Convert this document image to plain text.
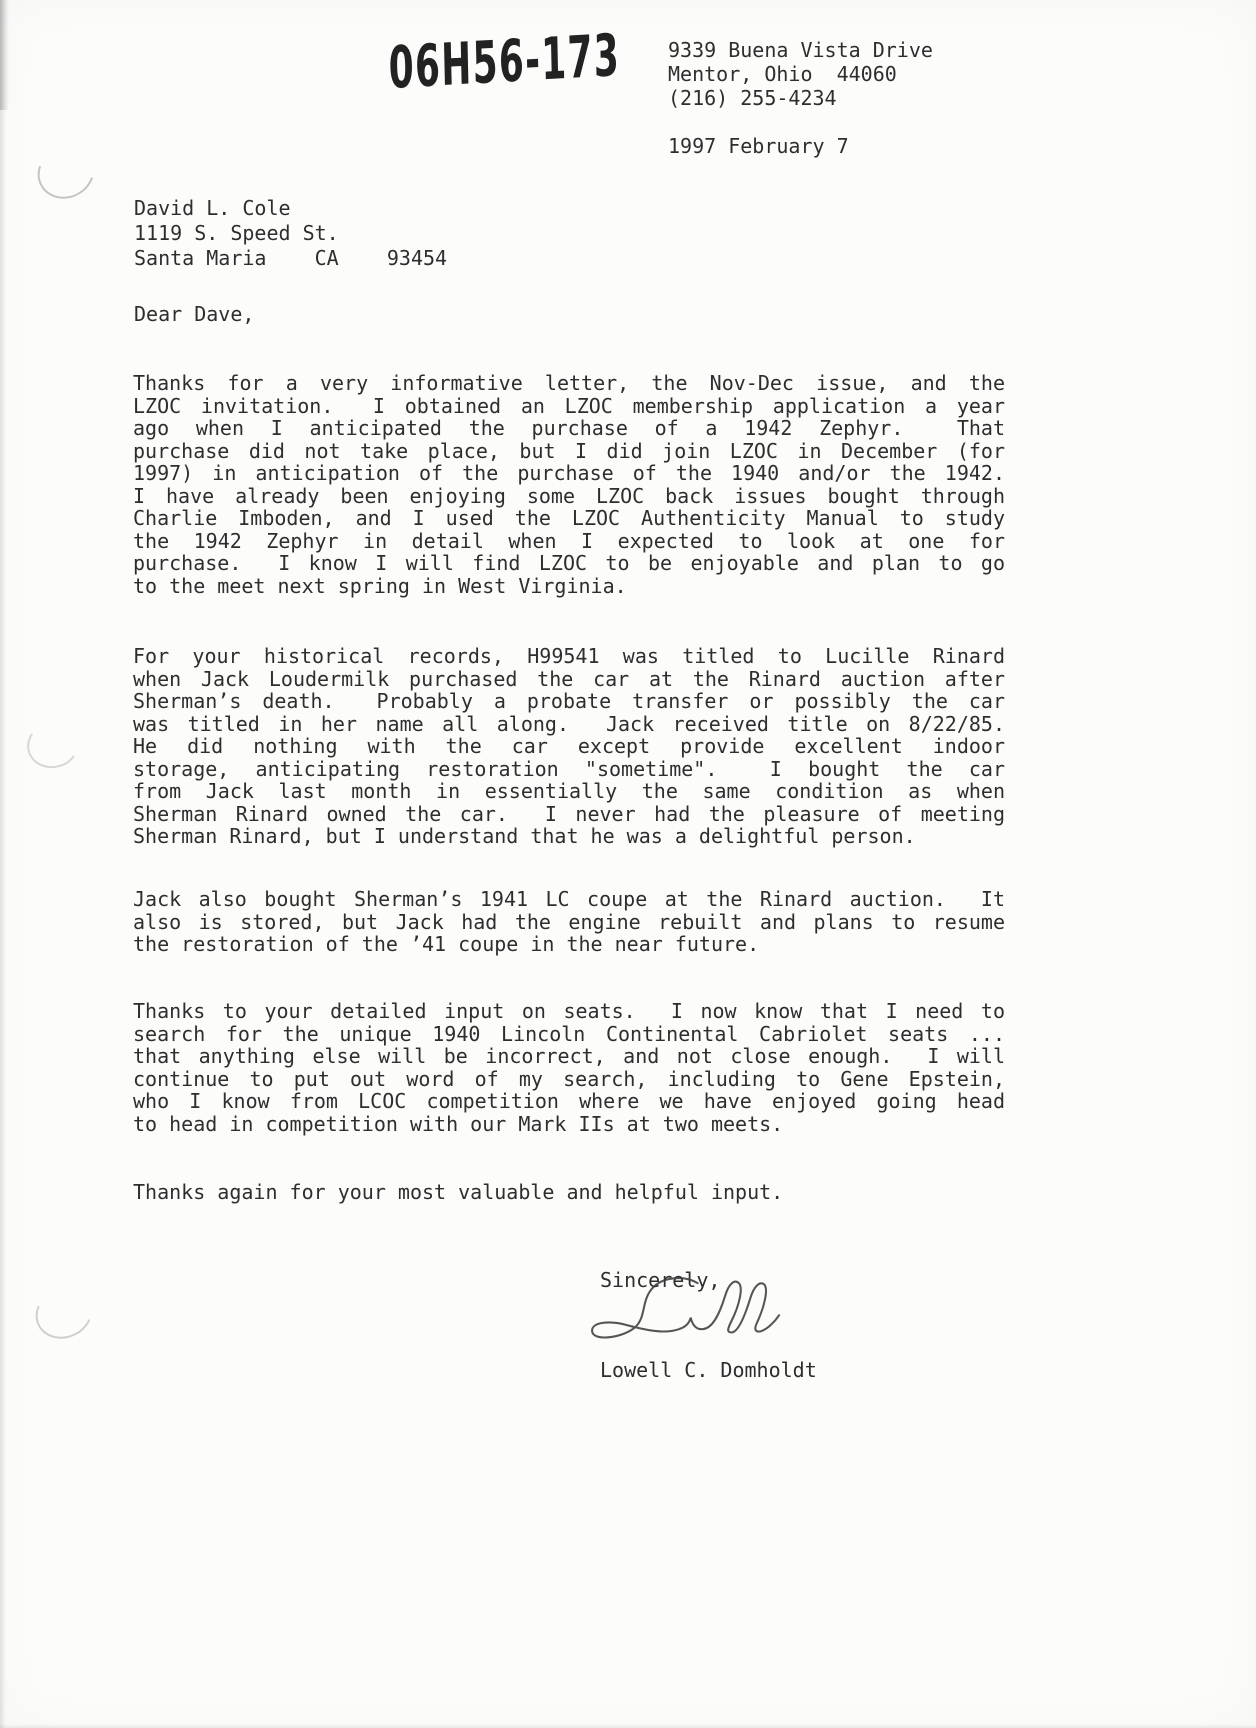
06H56-173 9339 Buena Vista Drive
Mentor, Ohio  44060
(216) 255-4234
1997 February 7
David L. Cole
1119 S. Speed St.
Santa Maria    CA    93454
Dear Dave,
Thanks for a very informative letter, the Nov-Dec issue, and the
LZOC invitation.  I obtained an LZOC membership application a year
ago when I anticipated the purchase of a 1942 Zephyr.  That
purchase did not take place, but I did join LZOC in December (for
1997) in anticipation of the purchase of the 1940 and/or the 1942.
I have already been enjoying some LZOC back issues bought through
Charlie Imboden, and I used the LZOC Authenticity Manual to study
the 1942 Zephyr in detail when I expected to look at one for
purchase.  I know I will find LZOC to be enjoyable and plan to go
to the meet next spring in West Virginia.
For your historical records, H99541 was titled to Lucille Rinard
when Jack Loudermilk purchased the car at the Rinard auction after
Sherman’s death.  Probably a probate transfer or possibly the car
was titled in her name all along.  Jack received title on 8/22/85.
He did nothing with the car except provide excellent indoor
storage, anticipating restoration "sometime".  I bought the car
from Jack last month in essentially the same condition as when
Sherman Rinard owned the car.  I never had the pleasure of meeting
Sherman Rinard, but I understand that he was a delightful person.
Jack also bought Sherman’s 1941 LC coupe at the Rinard auction.  It
also is stored, but Jack had the engine rebuilt and plans to resume
the restoration of the ’41 coupe in the near future.
Thanks to your detailed input on seats.  I now know that I need to
search for the unique 1940 Lincoln Continental Cabriolet seats ...
that anything else will be incorrect, and not close enough.  I will
continue to put out word of my search, including to Gene Epstein,
who I know from LCOC competition where we have enjoyed going head
to head in competition with our Mark IIs at two meets.
Thanks again for your most valuable and helpful input.
Sincerely,
Lowell C. Domholdt
